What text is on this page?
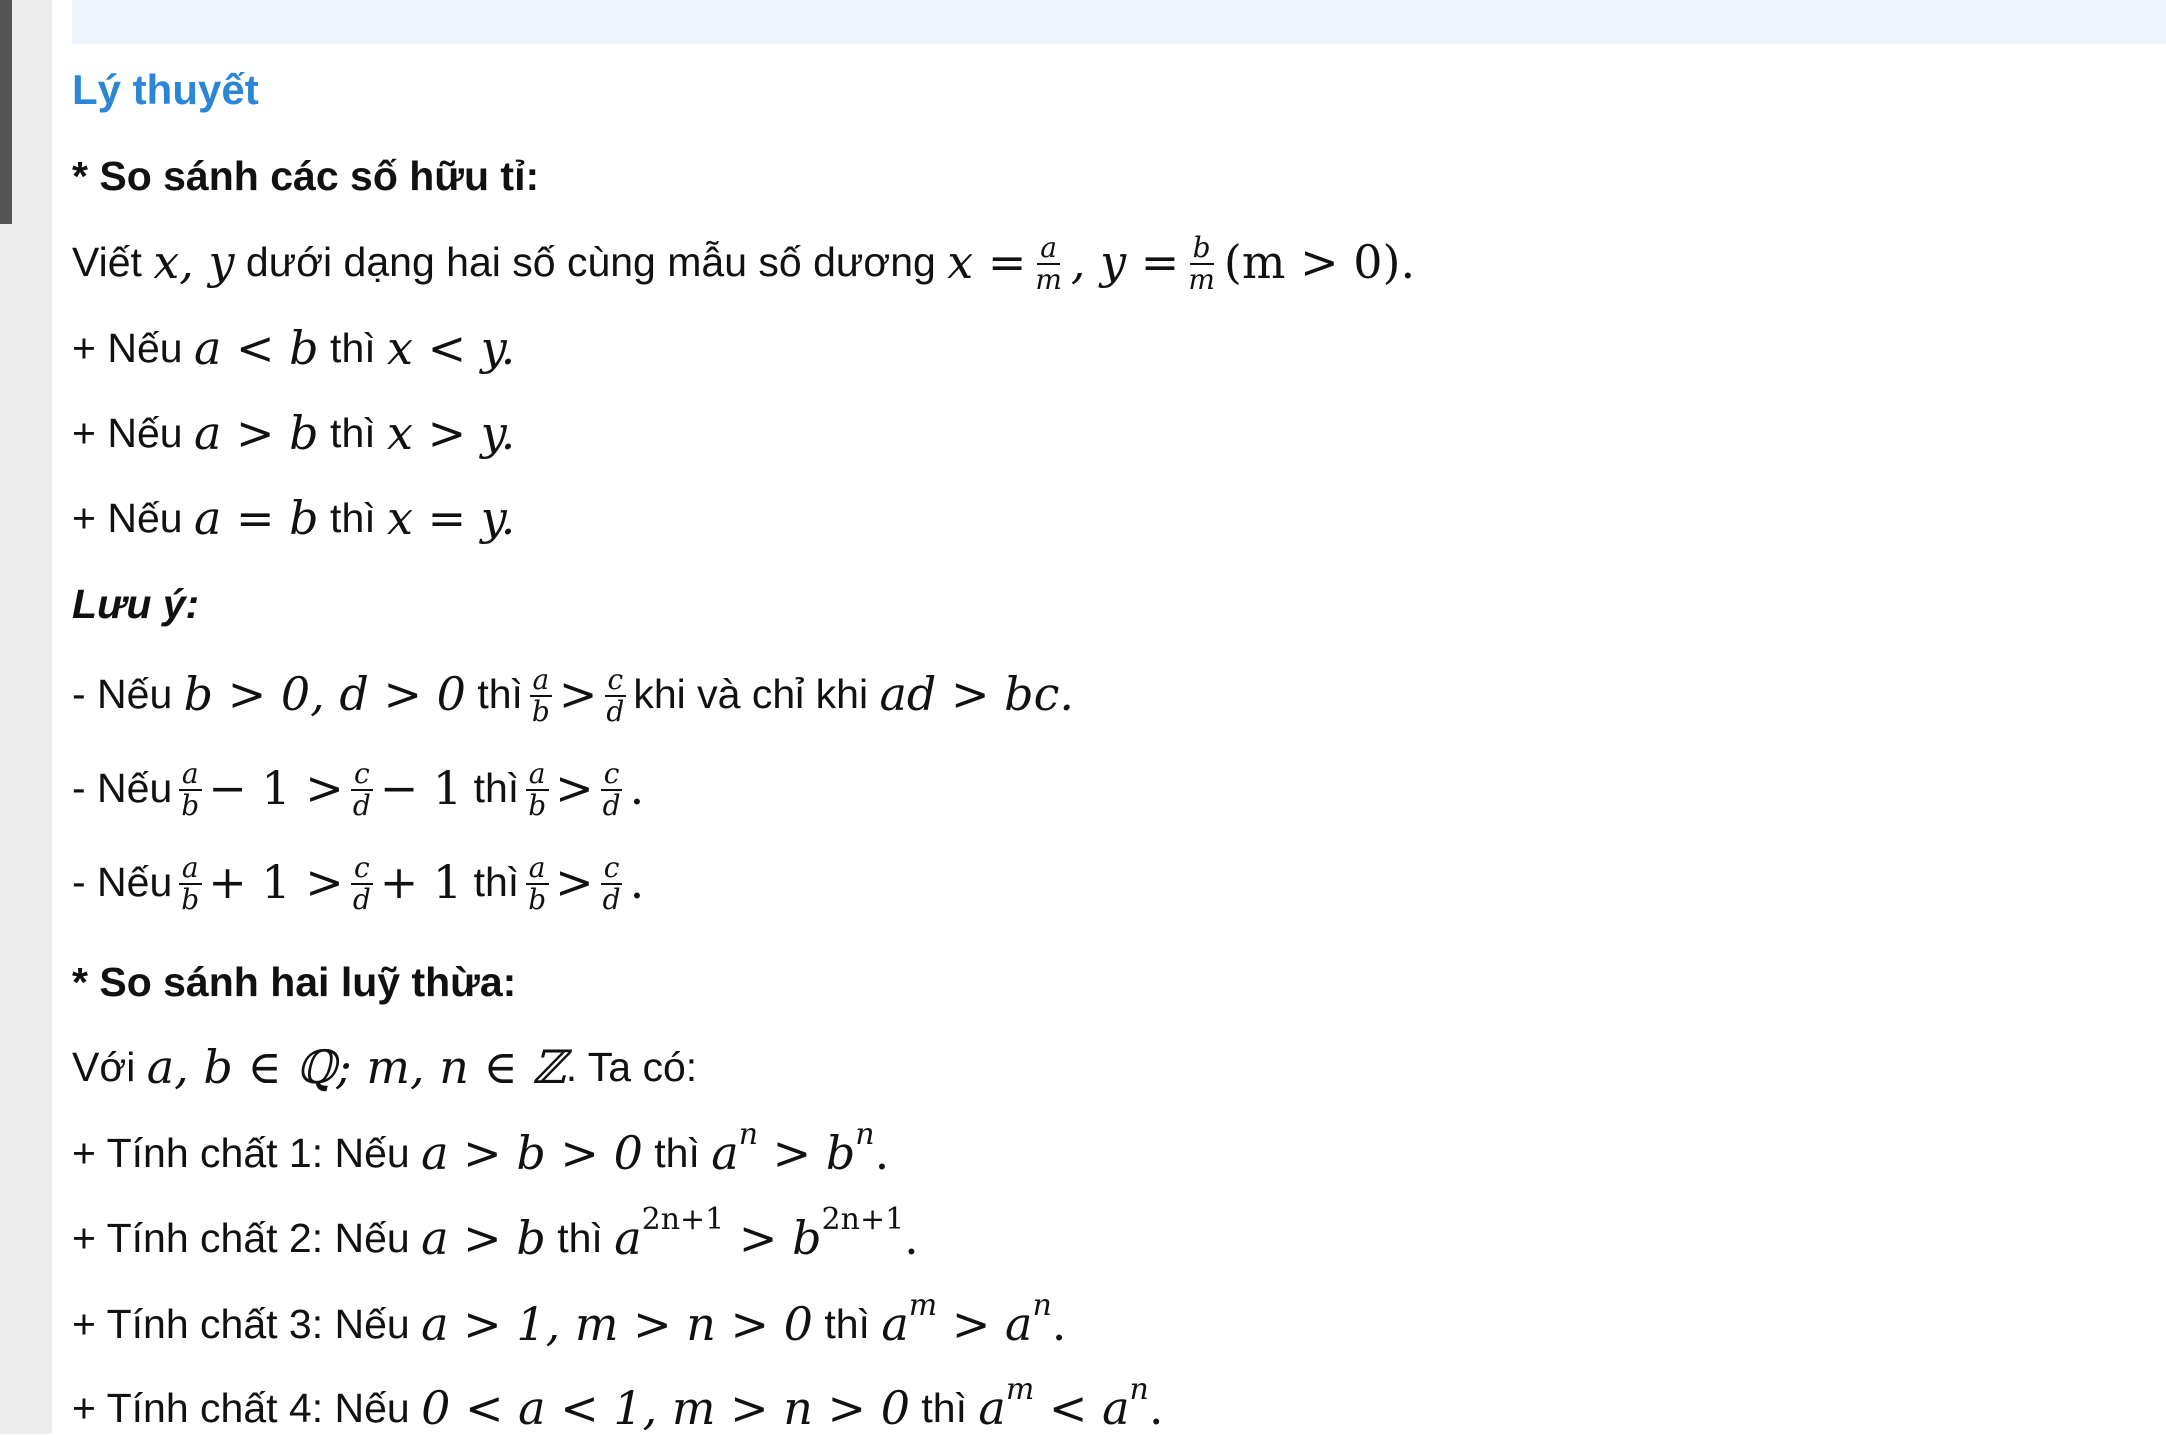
Lý thuyết
* So sánh các số hữu tỉ:
Viết
x, y
dưới dạng hai số cùng mẫu số dương
$x = \frac{a}{m}$ , $y = \frac{b}{m} (m > 0)$.
+ Nếu
a < b
thì
x < y.
+ Nếu
a > b
thì
x > y.
+ Nếu
a = b
thì
x = y.
Lưu ý:
- Nếu
b > 0, d > 0
thì $\frac{a}{b} > \frac{c}{d}$ khi và chỉ khi
ad > bc.
- Nếu $\frac{a}{b} - 1 > \frac{c}{d} - 1$
thì $\frac{a}{b} > \frac{c}{d}$ .
- Nếu $\frac{a}{b} + 1 > \frac{c}{d} + 1$
thì $\frac{a}{b} > \frac{c}{d}$ .
* So sánh hai luỹ thừa:
Với
a, b ∈ ℚ; m, n ∈ ℤ . Ta có:
+ Tính chất 1: Nếu
a > b > 0
thì
a n > b n .
+ Tính chất 2: Nếu
a > b
thì
a 2n+1 > b 2n+1 .
+ Tính chất 3: Nếu
a > 1, m > n > 0
thì
a m > a n .
+ Tính chất 4: Nếu
0 < a < 1, m > n > 0
thì
a m < a n .
